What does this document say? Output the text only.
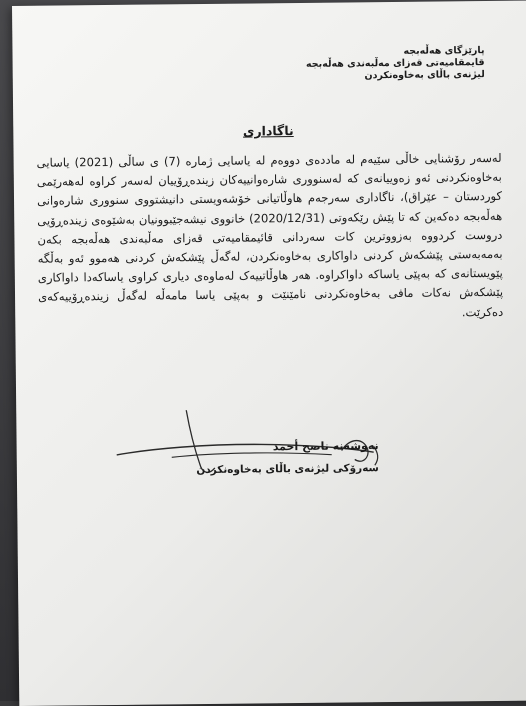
پارێزگای هەڵەبجە
قایمقامیەتی قەزای مەڵبەندی هەڵەبجە
لیژنەی باڵای بەخاوەنکردن
ناگاداری
لەسەر رۆشنایی خاڵی سێیەم لە ماددەی دووەم لە یاسایی ژمارە (7) ی ساڵی (2021) یاسایی بەخاوەنکردنی ئەو زەوییانەی کە لەسنووری شارەوانییەکان زیندەڕۆییان لەسەر کراوە لەهەرێمی کوردستان – عێراق)، ناگاداری سەرجەم هاوڵاتیانی خۆشەویستی دانیشتووی سنووری شارەوانی هەڵەبجە دەکەین کە تا پێش رێکەوتی (2020/12/31) خانووی نیشەجێبوونیان بەشێوەی زیندەڕۆیی دروست کردووە بەزووترین کات سەردانی قائیمقامیەتی قەزای مەڵبەندی هەڵەبجە بکەن بەمەبەستی پێشکەش کردنی داواکاری بەخاوەنکردن، لەگەڵ پێشکەش کردنی هەموو ئەو بەڵگە پێویستانەی کە بەپێی یاساکە داواکراوە. هەر هاوڵاتییەک لەماوەی دیاری کراوی یاساکەدا داواکاری پێشکەش نەکات مافی بەخاوەنکردنی نامێنێت و بەپێی یاسا مامەڵە لەگەڵ زیندەڕۆییەکەی دەکرێت.
نەوشەنە ناصح أحمد
سەرۆکی لیژنەی باڵای بەخاوەنکردن
